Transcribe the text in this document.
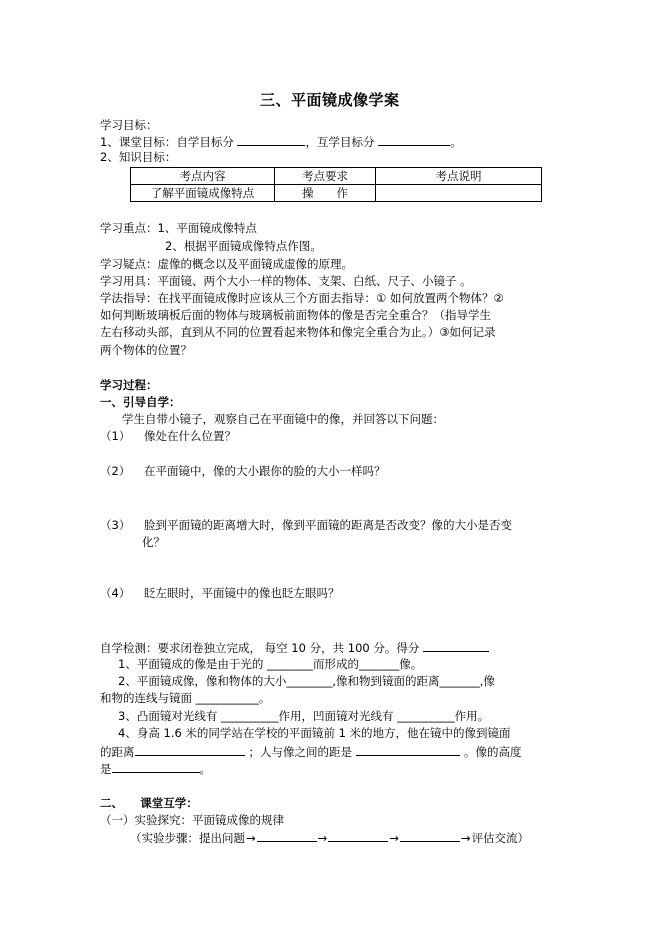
三、平面镜成像学案
学习目标：
1、课堂目标：自学目标分	，互学目标分	。
2、知识目标：
考点内容	考点要求	考点说明
了解平面镜成像特点	操　　作	
学习重点：1、平面镜成像特点
2、根据平面镜成像特点作图。
学习疑点：虚像的概念以及平面镜成虚像的原理。
学习用具：平面镜、两个大小一样的物体、支架、白纸、尺子、小镜子 。
学法指导：在找平面镜成像时应该从三个方面去指导：① 如何放置两个物体？②
如何判断玻璃板后面的物体与玻璃板前面物体的像是否完全重合？（指导学生
左右移动头部，直到从不同的位置看起来物体和像完全重合为止。）③如何记录
两个物体的位置？
学习过程：
一、引导自学：
学生自带小镜子，观察自己在平面镜中的像，并回答以下问题：
（1） 像处在什么位置？
（2） 在平面镜中，像的大小跟你的脸的大小一样吗？
（3） 脸到平面镜的距离增大时，像到平面镜的距离是否改变？像的大小是否变
化？
（4） 眨左眼时，平面镜中的像也眨左眼吗？
自学检测：要求闭卷独立完成， 每空 10 分，共 100 分。得分
1、平面镜成的像是由于光的 ________而形成的_______像。
2、平面镜成像，像和物体的大小________,像和物到镜面的距离_______,像
和物的连线与镜面 ___________。
3、凸面镜对光线有 __________作用，凹面镜对光线有 __________作用。
4、身高 1.6 米的同学站在学校的平面镜前 1 米的地方，他在镜中的像到镜面
的距离	；人与像之间的距是	。像的高度
是	。
二、　　课堂互学：
（一）实验探究：平面镜成像的规律
（实验步骤：提出问题→	→	→	→评估交流）
